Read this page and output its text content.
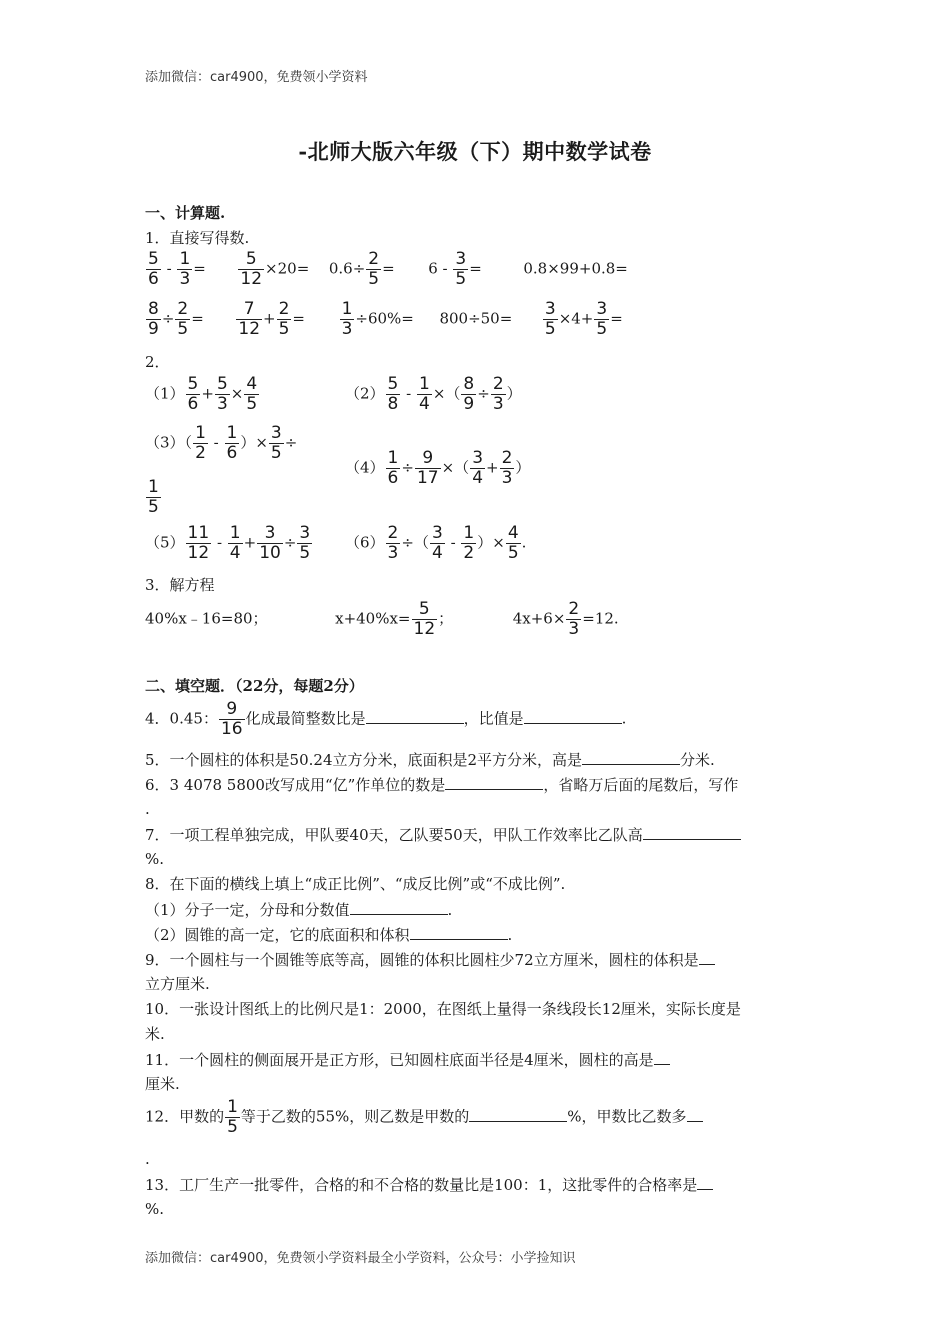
添加微信：car4900，免费领小学资料
-北师大版六年级（下）期中数学试卷
一、计算题.
1．直接写得数.
$\frac{5}{6} - \frac{1}{3} = \frac{5}{12} \times 20= 0.6\div \frac{2}{5} = 6 - \frac{3}{5}$ =	0.8×99+0.8=
$\frac{8}{9} \div \frac{2}{5} = \frac{7}{12} + \frac{2}{5} = \frac{1}{3} \div 60\%= 800\div 50= \frac{3}{5} \times 4+ \frac{3}{5}$ =
2．
$(1) \frac{5}{6} + \frac{5}{3} \times \frac{4}{5}$	$(2) \frac{5}{8} - \frac{1}{4}$ ×（ $\frac{8}{9} \div \frac{2}{3}$ ）
$(3)( \frac{1}{2} - \frac{1}{6}$ ）× $\frac{3}{5}$ ÷
$\frac{1}{5}$
$(4) \frac{1}{6} \div \frac{9}{17}$ ×（ $\frac{3}{4} + \frac{2}{3}$ ）
$(5) \frac{11}{12} - \frac{1}{4} + \frac{3}{10} \div \frac{3}{5} (6) \frac{2}{3}$ ÷（ $\frac{3}{4} - \frac{1}{2}$ ）× $\frac{4}{5}$ .
3．解方程
40%x﹣16=80；	$x+40\%x= \frac{5}{12}$ ；	$4x+6\times \frac{2}{3} =12$.
二、填空题．（22分，每题2分）
4．0.45： $\frac{9}{16}$ 化成最简整数比是	，比值是	.
5．一个圆柱的体积是50.24立方分米，底面积是2平方分米，高是	分米.
6．3 4078 5800改写成用“亿”作单位的数是	，省略万后面的尾数后，写作
.
7．一项工程单独完成，甲队要40天，乙队要50天，甲队工作效率比乙队高
%.
8．在下面的横线上填上“成正比例”、“成反比例”或“不成比例”.
（1）分子一定，分母和分数值	.
（2）圆锥的高一定，它的底面积和体积	.
9．一个圆柱与一个圆锥等底等高，圆锥的体积比圆柱少72立方厘米，圆柱的体积是
立方厘米.
10．一张设计图纸上的比例尺是1：2000，在图纸上量得一条线段长12厘米，实际长度是
米.
11．一个圆柱的侧面展开是正方形，已知圆柱底面半径是4厘米，圆柱的高是
厘米.
12．甲数的 $\frac{1}{5}$ 等于乙数的55%，则乙数是甲数的	%，甲数比乙数多
.
13．工厂生产一批零件，合格的和不合格的数量比是100：1，这批零件的合格率是
%.
添加微信：car4900，免费领小学资料最全小学资料，公众号：小学捡知识
